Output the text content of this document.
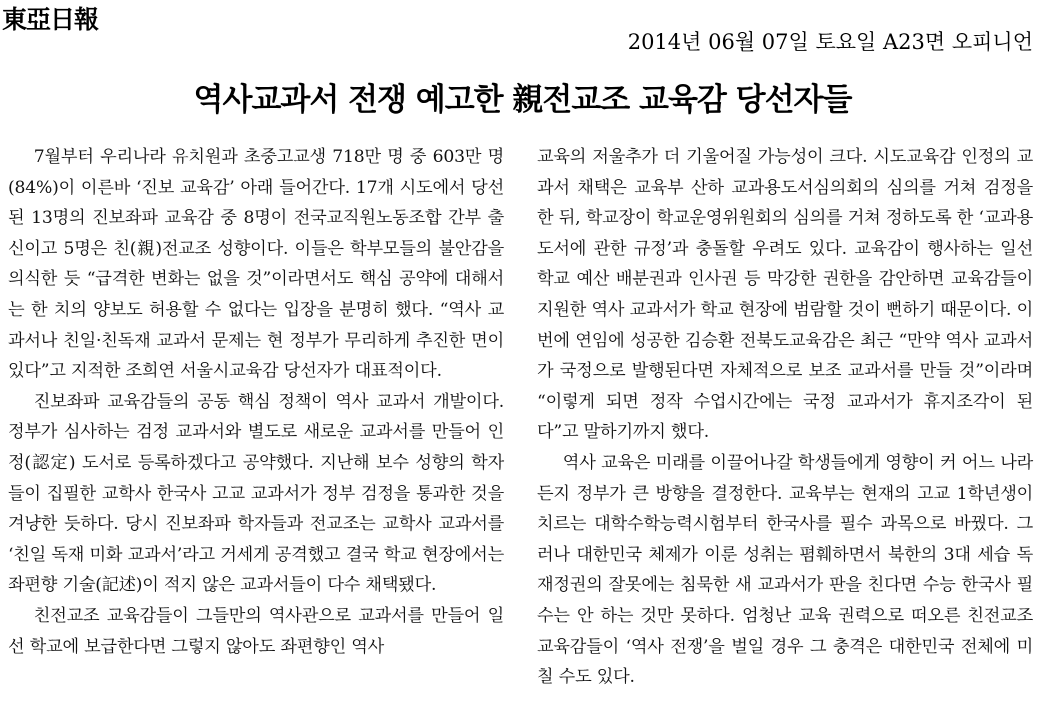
東亞日報
2014년 06월 07일 토요일 A23면 오피니언
역사교과서 전쟁 예고한 親전교조 교육감 당선자들

7월부터 우리나라 유치원과 초중고교생 718만 명 중 603만 명(84%)이 이른바 ‘진보 교육감’ 아래 들어간다. 17개 시도에서 당선된 13명의 진보좌파 교육감 중 8명이 전국교직원노동조합 간부 출신이고 5명은 친(親)전교조 성향이다. 이들은 학부모들의 불안감을 의식한 듯 “급격한 변화는 없을 것”이라면서도 핵심 공약에 대해서는 한 치의 양보도 허용할 수 없다는 입장을 분명히 했다. “역사 교과서나 친일·친독재 교과서 문제는 현 정부가 무리하게 추진한 면이 있다”고 지적한 조희연 서울시교육감 당선자가 대표적이다.

진보좌파 교육감들의 공동 핵심 정책이 역사 교과서 개발이다. 정부가 심사하는 검정 교과서와 별도로 새로운 교과서를 만들어 인정(認定) 도서로 등록하겠다고 공약했다. 지난해 보수 성향의 학자들이 집필한 교학사 한국사 고교 교과서가 정부 검정을 통과한 것을 겨냥한 듯하다. 당시 진보좌파 학자들과 전교조는 교학사 교과서를 ‘친일 독재 미화 교과서’라고 거세게 공격했고 결국 학교 현장에서는 좌편향 기술(記述)이 적지 않은 교과서들이 다수 채택됐다.

친전교조 교육감들이 그들만의 역사관으로 교과서를 만들어 일선 학교에 보급한다면 그렇지 않아도 좌편향인 역사

교육의 저울추가 더 기울어질 가능성이 크다. 시도교육감 인정의 교과서 채택은 교육부 산하 교과용도서심의회의 심의를 거쳐 검정을 한 뒤, 학교장이 학교운영위원회의 심의를 거쳐 정하도록 한 ‘교과용 도서에 관한 규정’과 충돌할 우려도 있다. 교육감이 행사하는 일선 학교 예산 배분권과 인사권 등 막강한 권한을 감안하면 교육감들이 지원한 역사 교과서가 학교 현장에 범람할 것이 뻔하기 때문이다. 이번에 연임에 성공한 김승환 전북도교육감은 최근 “만약 역사 교과서가 국정으로 발행된다면 자체적으로 보조 교과서를 만들 것”이라며 “이렇게 되면 정작 수업시간에는 국정 교과서가 휴지조각이 된다”고 말하기까지 했다.

역사 교육은 미래를 이끌어나갈 학생들에게 영향이 커 어느 나라든지 정부가 큰 방향을 결정한다. 교육부는 현재의 고교 1학년생이 치르는 대학수학능력시험부터 한국사를 필수 과목으로 바꿨다. 그러나 대한민국 체제가 이룬 성취는 폄훼하면서 북한의 3대 세습 독재정권의 잘못에는 침묵한 새 교과서가 판을 친다면 수능 한국사 필수는 안 하는 것만 못하다. 엄청난 교육 권력으로 떠오른 친전교조 교육감들이 ‘역사 전쟁’을 벌일 경우 그 충격은 대한민국 전체에 미칠 수도 있다.
